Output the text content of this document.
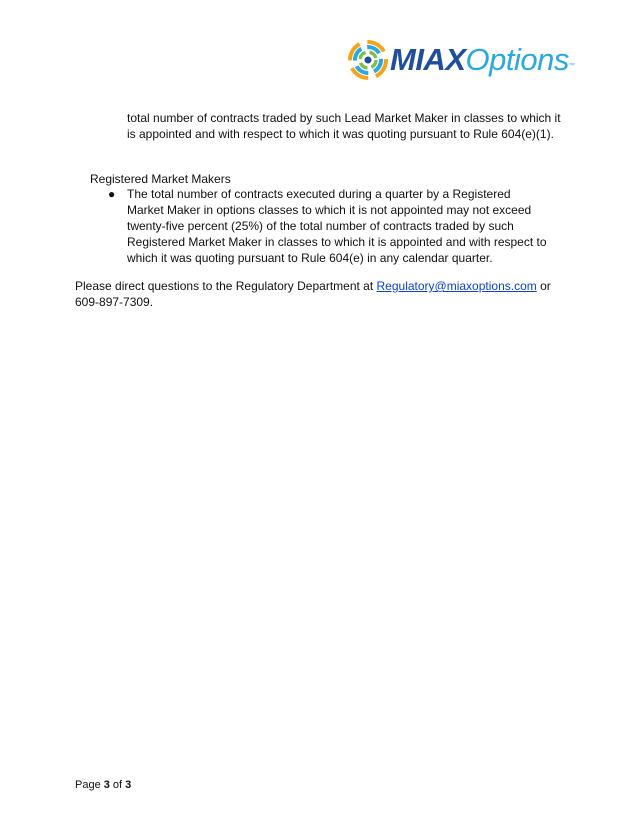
MIAXOptions™
total number of contracts traded by such Lead Market Maker in classes to which it is appointed and with respect to which it was quoting pursuant to Rule 604(e)(1).
Registered Market Makers
● The total number of contracts executed during a quarter by a Registered Market Maker in options classes to which it is not appointed may not exceed twenty-five percent (25%) of the total number of contracts traded by such Registered Market Maker in classes to which it is appointed and with respect to which it was quoting pursuant to Rule 604(e) in any calendar quarter.
Please direct questions to the Regulatory Department at Regulatory@miaxoptions.com or 609-897-7309.
Page 3 of 3
